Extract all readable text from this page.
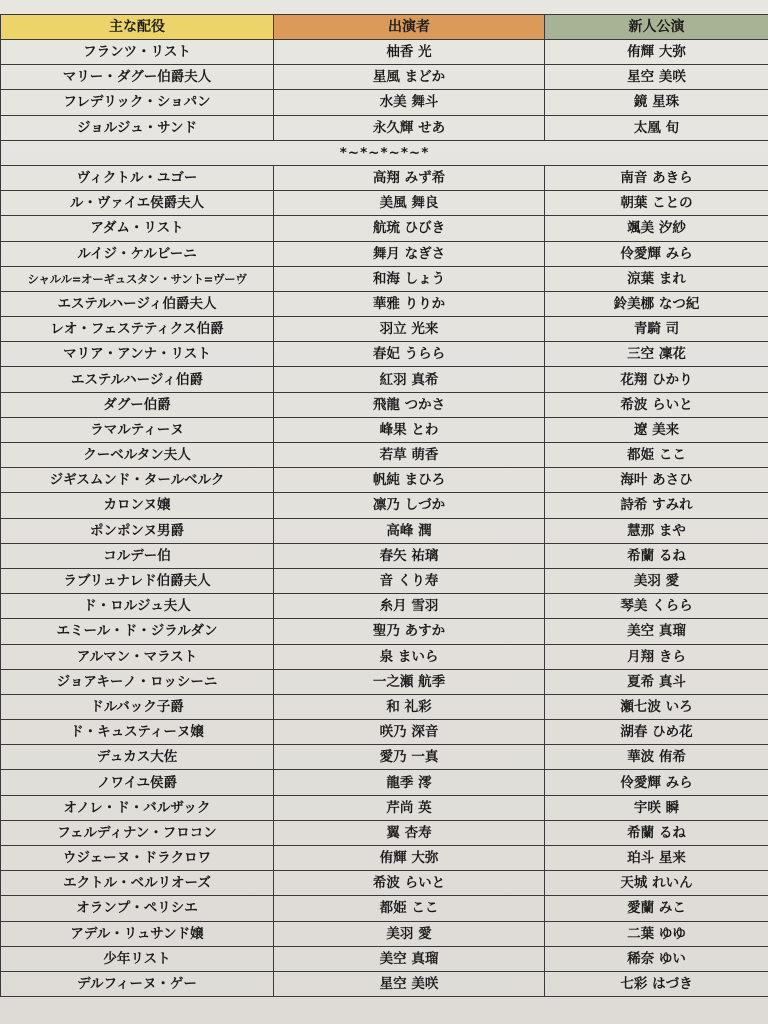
主な配役	出演者	新人公演
フランツ・リスト	柚香 光	侑輝 大弥
マリー・ダグー伯爵夫人	星風 まどか	星空 美咲
フレデリック・ショパン	水美 舞斗	鏡 星珠
ジョルジュ・サンド	永久輝 せあ	太凰 旬
*~*~*~*~*		
ヴィクトル・ユゴー	高翔 みず希	南音 あきら
ル・ヴァイエ侯爵夫人	美風 舞良	朝葉 ことの
アダム・リスト	航琉 ひびき	颯美 汐紗
ルイジ・ケルビーニ	舞月 なぎさ	伶愛輝 みら
シャルル=オーギュスタン・サント=ヴーヴ	和海 しょう	涼葉 まれ
エステルハージィ伯爵夫人	華雅 りりか	鈴美梛 なつ紀
レオ・フェステティクス伯爵	羽立 光来	青騎 司
マリア・アンナ・リスト	春妃 うらら	三空 凜花
エステルハージィ伯爵	紅羽 真希	花翔 ひかり
ダグー伯爵	飛龍 つかさ	希波 らいと
ラマルティーヌ	峰果 とわ	遼 美来
クーベルタン夫人	若草 萌香	都姫 ここ
ジギスムンド・タールベルク	帆純 まひろ	海叶 あさひ
カロンヌ嬢	凛乃 しづか	詩希 すみれ
ポンポンヌ男爵	高峰 潤	慧那 まや
コルデー伯	春矢 祐璃	希蘭 るね
ラブリュナレド伯爵夫人	音 くり寿	美羽 愛
ド・ロルジュ夫人	糸月 雪羽	琴美 くらら
エミール・ド・ジラルダン	聖乃 あすか	美空 真瑠
アルマン・マラスト	泉 まいら	月翔 きら
ジョアキーノ・ロッシーニ	一之瀬 航季	夏希 真斗
ドルバック子爵	和 礼彩	瀬七波 いろ
ド・キュスティーヌ嬢	咲乃 深音	湖春 ひめ花
デュカス大佐	愛乃 一真	華波 侑希
ノワイユ侯爵	龍季 澪	伶愛輝 みら
オノレ・ド・バルザック	芹尚 英	宇咲 瞬
フェルディナン・フロコン	翼 杏寿	希蘭 るね
ウジェーヌ・ドラクロワ	侑輝 大弥	珀斗 星来
エクトル・ベルリオーズ	希波 らいと	天城 れいん
オランプ・ペリシエ	都姫 ここ	愛蘭 みこ
アデル・リュサンド嬢	美羽 愛	二葉 ゆゆ
少年リスト	美空 真瑠	稀奈 ゆい
デルフィーヌ・ゲー	星空 美咲	七彩 はづき
